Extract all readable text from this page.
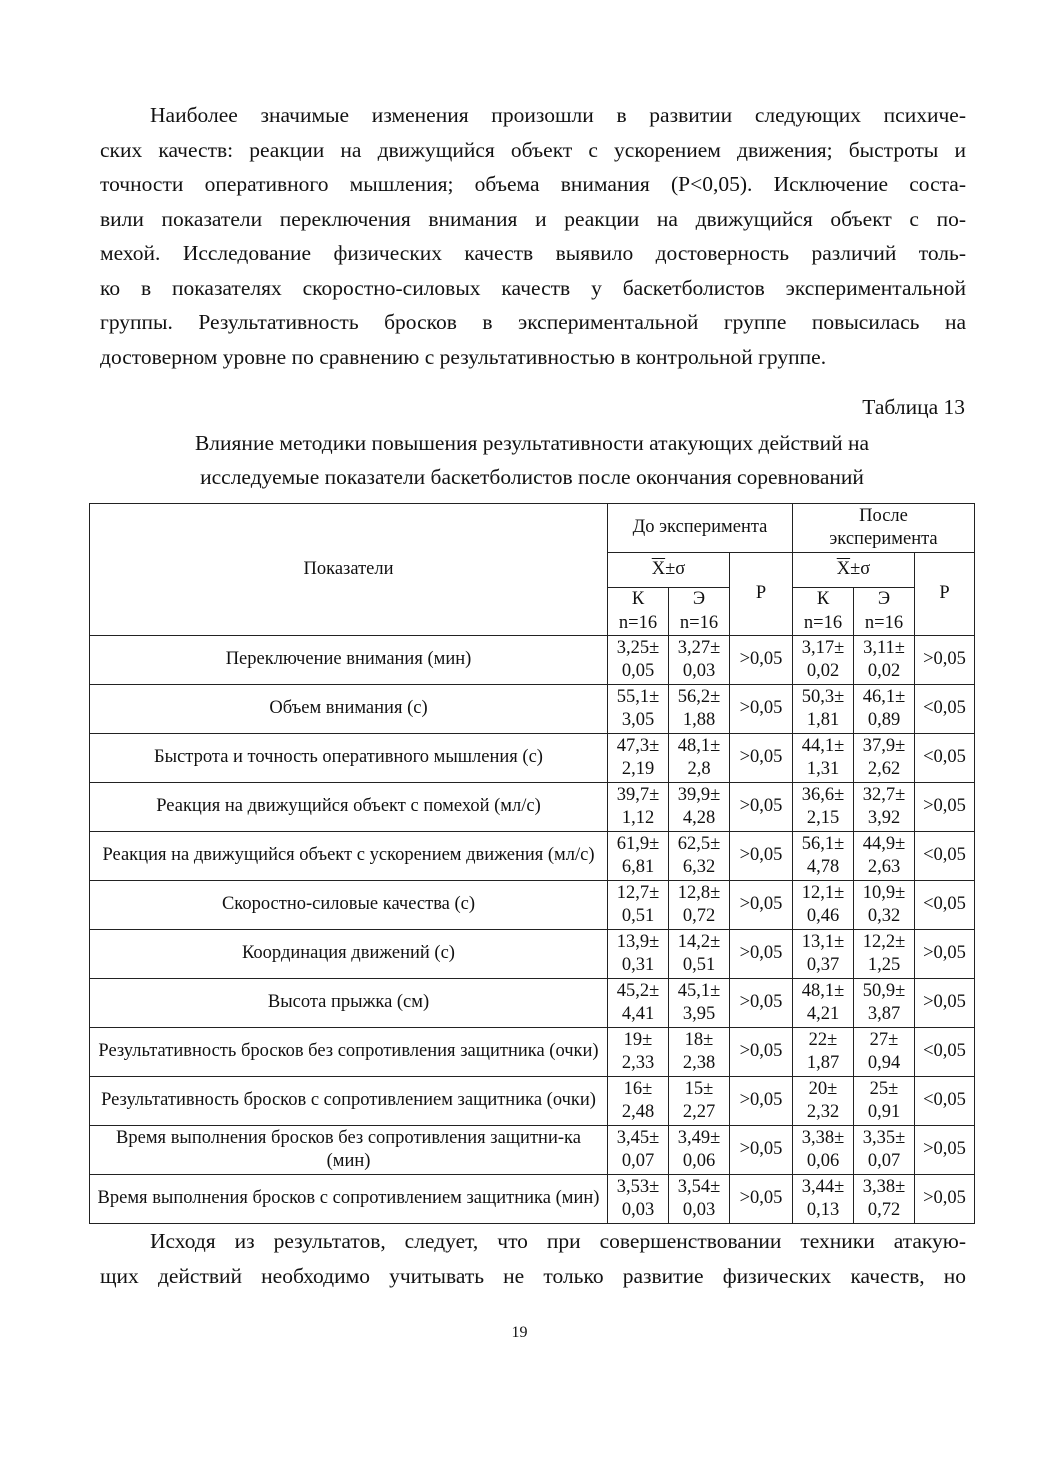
Наиболее значимые изменения произошли в развитии следующих психиче-
ских качеств: реакции на движущийся объект с ускорением движения; быстроты и
точности оперативного мышления; объема внимания (Р<0,05). Исключение соста-
вили показатели переключения внимания и реакции на движущийся объект с по-
мехой. Исследование физических качеств выявило достоверность различий толь-
ко в показателях скоростно-силовых качеств у баскетболистов экспериментальной
группы. Результативность бросков в экспериментальной группе повысилась на
достоверном уровне по сравнению с результативностью в контрольной группе.

Таблица 13
Влияние методики повышения результативности атакующих действий на
исследуемые показатели баскетболистов после окончания соревнований
Показатели	До эксперимента			После
эксперимента		

	$\overline{X}\pm\sigma$		Р	$\overline{X}\pm\sigma$		Р

	К
n=16	Э
n=16		К
n=16	Э
n=16	

Переключение внимания (мин)	3,25±
0,05	3,27±
0,03	>0,05	3,17±
0,02	3,11±
0,02	>0,05
Объем внимания (с)	55,1±
3,05	56,2±
1,88	>0,05	50,3±
1,81	46,1±
0,89	<0,05
Быстрота и точность оперативного мышления (с)	47,3±
2,19	48,1±
2,8	>0,05	44,1±
1,31	37,9±
2,62	<0,05
Реакция на движущийся объект с помехой (мл/с)	39,7±
1,12	39,9±
4,28	>0,05	36,6±
2,15	32,7±
3,92	>0,05
Реакция на движущийся объект с ускорением движения (мл/с)	61,9±
6,81	62,5±
6,32	>0,05	56,1±
4,78	44,9±
2,63	<0,05
Скоростно-силовые качества (с)	12,7±
0,51	12,8±
0,72	>0,05	12,1±
0,46	10,9±
0,32	<0,05
Координация движений (с)	13,9±
0,31	14,2±
0,51	>0,05	13,1±
0,37	12,2±
1,25	>0,05
Высота прыжка (см)	45,2±
4,41	45,1±
3,95	>0,05	48,1±
4,21	50,9±
3,87	>0,05
Результативность бросков без сопротивления защитника (очки)	19±
2,33	18±
2,38	>0,05	22±
1,87	27±
0,94	<0,05
Результативность бросков с сопротивлением защитника (очки)	16±
2,48	15±
2,27	>0,05	20±
2,32	25±
0,91	<0,05
Время выполнения бросков без сопротивления защитни-ка (мин)	3,45±
0,07	3,49±
0,06	>0,05	3,38±
0,06	3,35±
0,07	>0,05
Время выполнения бросков с сопротивлением защитника (мин)	3,53±
0,03	3,54±
0,03	>0,05	3,44±
0,13	3,38±
0,72	>0,05

Исходя из результатов, следует, что при совершенствовании техники атакую-
щих действий необходимо учитывать не только развитие физических качеств, но

19
